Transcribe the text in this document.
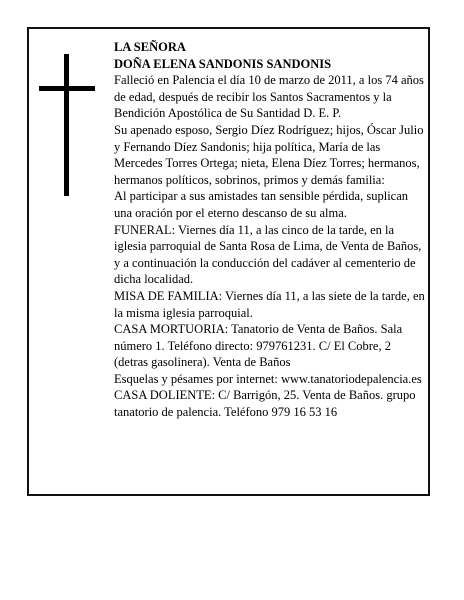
LA SEÑORA

DOÑA ELENA SANDONIS SANDONIS

Falleció en Palencia el día 10 de marzo de 2011, a los 74 años de edad, después de recibir los Santos Sacramentos y la Bendición Apostólica de Su Santidad D. E. P.

Su apenado esposo, Sergio Díez Rodríguez; hijos, Óscar Julio y Fernando Díez Sandonis; hija política, María de las Mercedes Torres Ortega; nieta, Elena Díez Torres; hermanos, hermanos políticos, sobrinos, primos y demás familia:

Al participar a sus amistades tan sensible pérdida, suplican una oración por el eterno descanso de su alma.

FUNERAL: Viernes día 11, a las cinco de la tarde, en la iglesia parroquial de Santa Rosa de Lima, de Venta de Baños, y a continuación la conducción del cadáver al cementerio de dicha localidad.

MISA DE FAMILIA: Viernes día 11, a las siete de la tarde, en la misma iglesia parroquial.

CASA MORTUORIA: Tanatorio de Venta de Baños. Sala número 1. Teléfono directo: 979761231. C/ El Cobre, 2 (detras gasolinera). Venta de Baños

Esquelas y pésames por internet: www.tanatoriodepalencia.es

CASA DOLIENTE: C/ Barrigón, 25. Venta de Baños. grupo tanatorio de palencia. Teléfono 979 16 53 16
